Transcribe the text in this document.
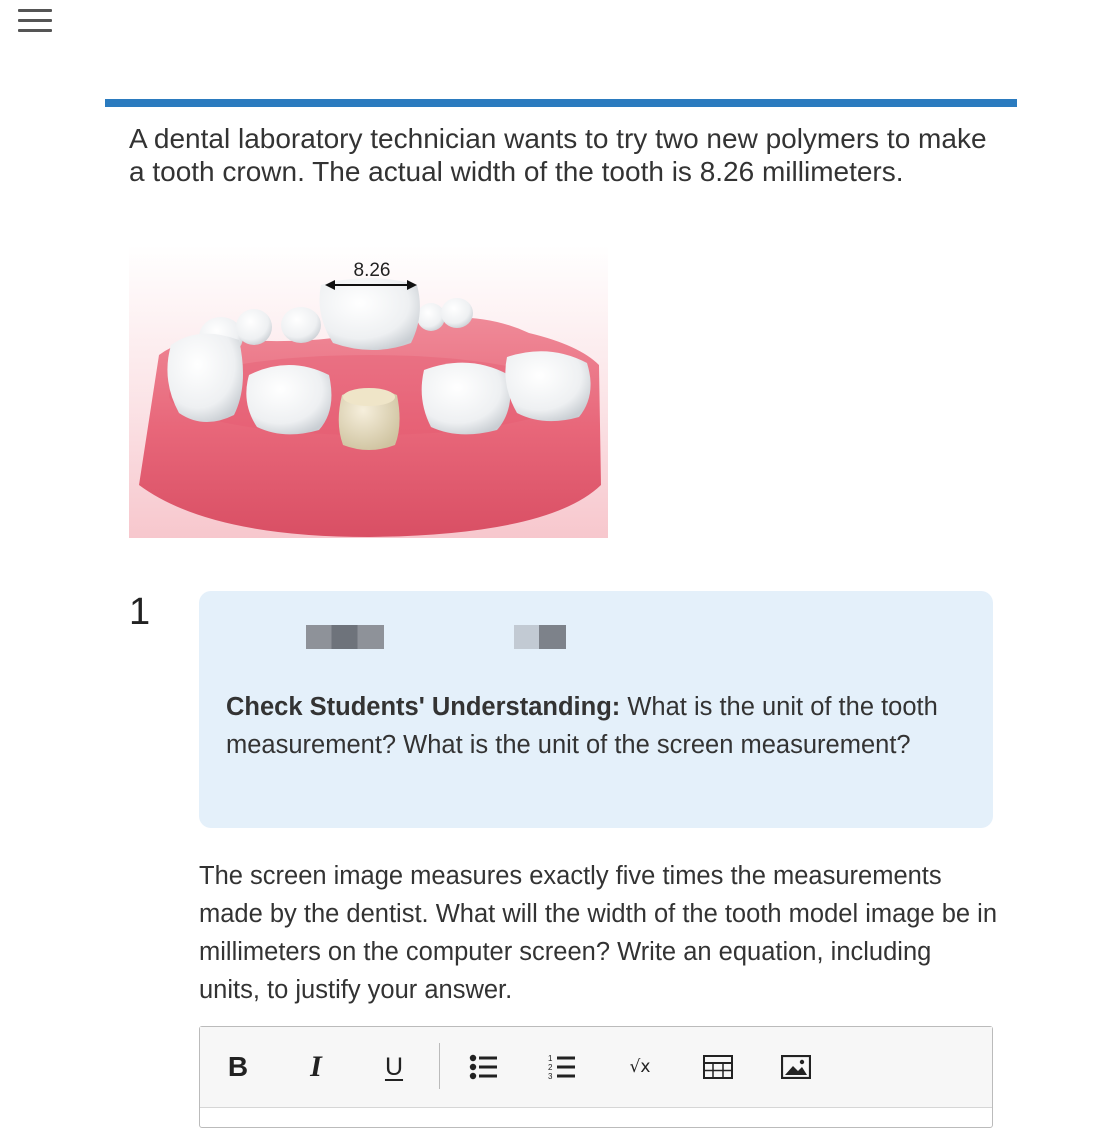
A dental laboratory technician wants to try two new polymers to make a tooth crown. The actual width of the tooth is 8.26 millimeters.
8.26
1
Check Students' Understanding: What is the unit of the tooth measurement? What is the unit of the screen measurement?
The screen image measures exactly five times the measurements made by the dentist. What will the width of the tooth model image be in millimeters on the computer screen? Write an equation, including units, to justify your answer.
B I	U	1
2
3	√x
